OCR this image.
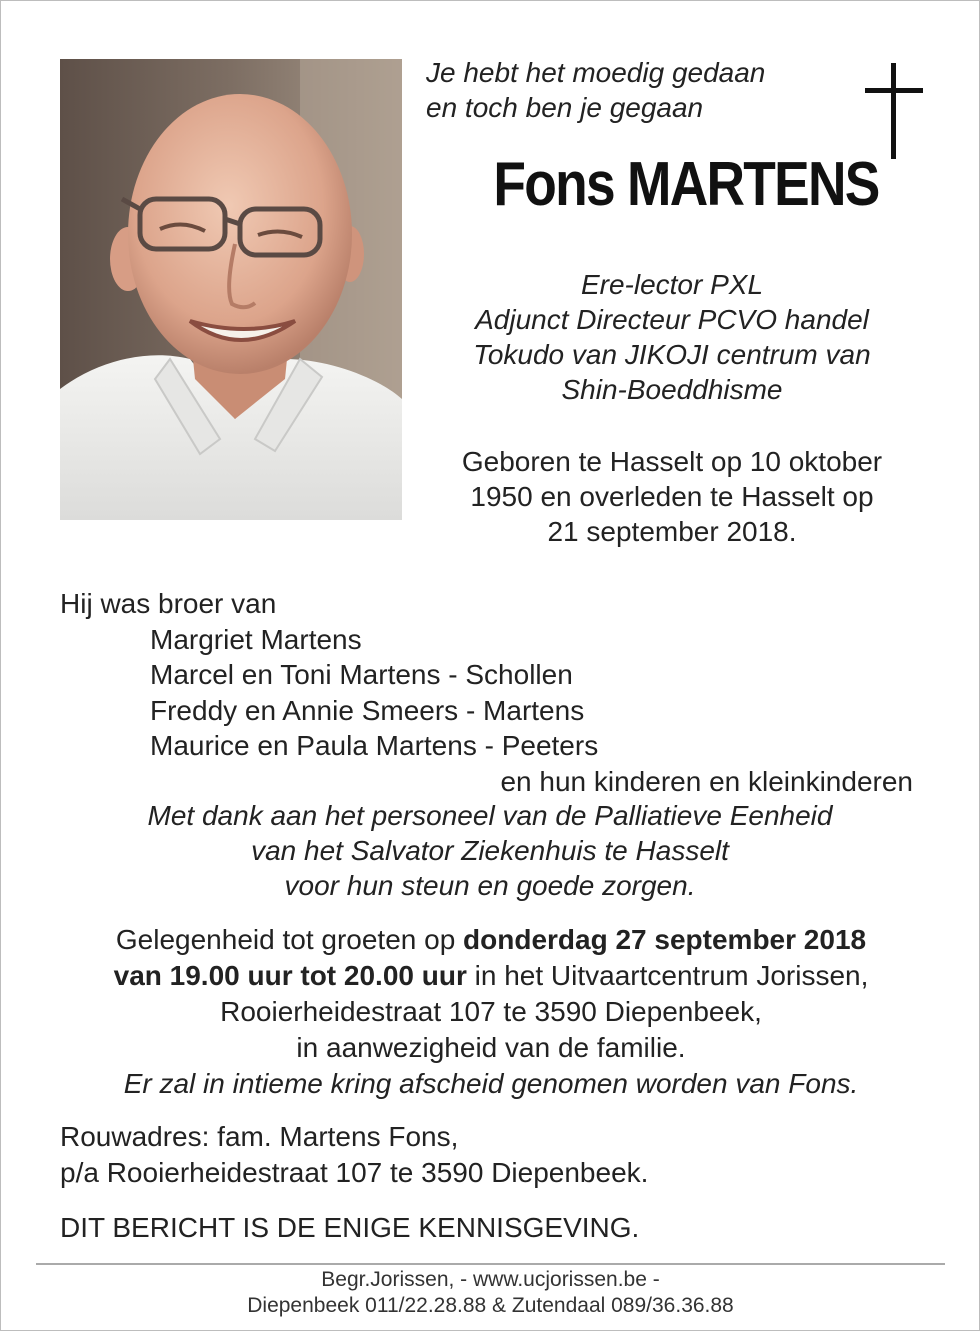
Je hebt het moedig gedaan
en toch ben je gegaan
Fons MARTENS
Ere-lector PXL
Adjunct Directeur PCVO handel
Tokudo van JIKOJI centrum van
Shin-Boeddhisme
Geboren te Hasselt op 10 oktober
1950 en overleden te Hasselt op
21 september 2018.
Hij was broer van
Margriet Martens
Marcel en Toni Martens - Schollen
Freddy en Annie Smeers - Martens
Maurice en Paula Martens - Peeters
en hun kinderen en kleinkinderen
Met dank aan het personeel van de Palliatieve Eenheid
van het Salvator Ziekenhuis te Hasselt
voor hun steun en goede zorgen.
Gelegenheid tot groeten op donderdag 27 september 2018
van 19.00 uur tot 20.00 uur in het Uitvaartcentrum Jorissen,
Rooierheidestraat 107 te 3590 Diepenbeek,
in aanwezigheid van de familie.
Er zal in intieme kring afscheid genomen worden van Fons.
Rouwadres: fam. Martens Fons,
p/a Rooierheidestraat 107 te 3590 Diepenbeek.
DIT BERICHT IS DE ENIGE KENNISGEVING.
Begr.Jorissen, - www.ucjorissen.be -
Diepenbeek 011/22.28.88 & Zutendaal 089/36.36.88
